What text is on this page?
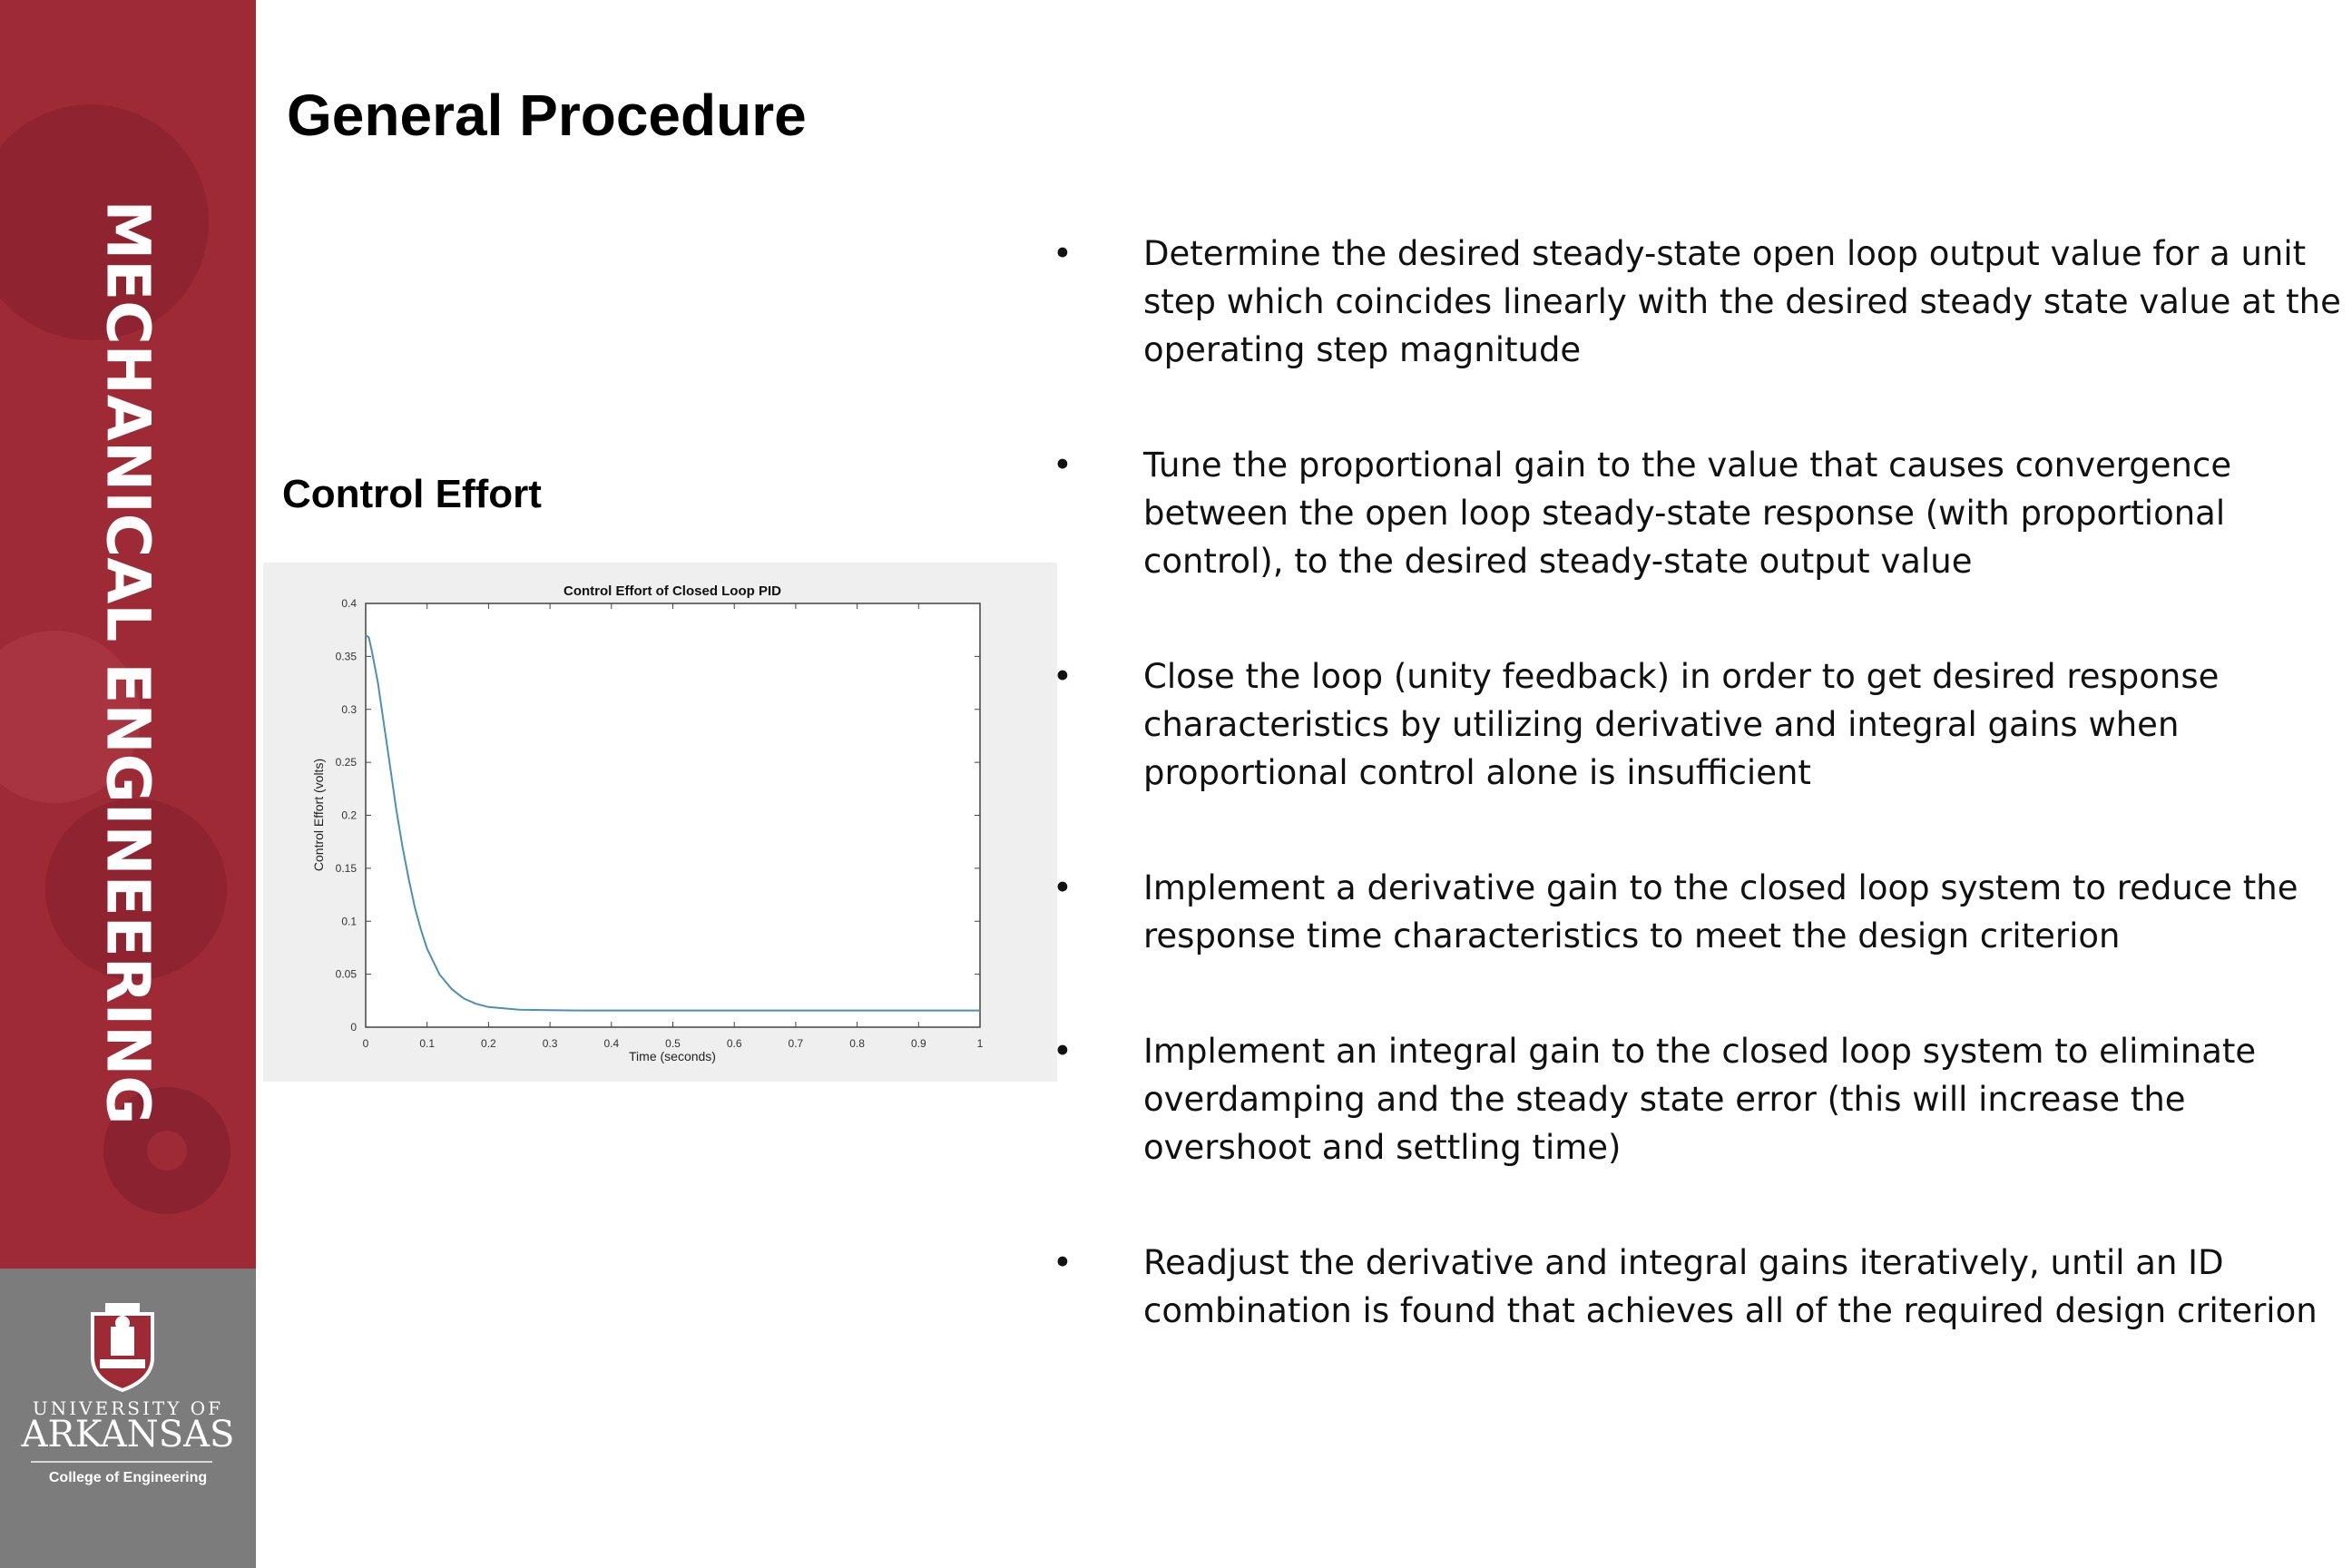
MECHANICAL ENGINEERING
UNIVERSITY OF
ARKANSAS
College of Engineering
General Procedure
Control Effort
Control Effort of Closed Loop PID
Time (seconds)
Control Effort (volts)
0	0.1	0.2	0.3	0.4	0.5	0.6	0.7	0.8	0.9	1
0
0.05
0.1
0.15
0.2
0.25
0.3
0.35
0.4
• Determine the desired steady-state open loop output value for a unit step which coincides linearly with the desired steady state value at the operating step magnitude
• Tune the proportional gain to the value that causes convergence between the open loop steady-state response (with proportional control), to the desired steady-state output value
• Close the loop (unity feedback) in order to get desired response characteristics by utilizing derivative and integral gains when proportional control alone is insufficient
• Implement a derivative gain to the closed loop system to reduce the response time characteristics to meet the design criterion
• Implement an integral gain to the closed loop system to eliminate overdamping and the steady state error (this will increase the overshoot and settling time)
• Readjust the derivative and integral gains iteratively, until an ID combination is found that achieves all of the required design criterion
